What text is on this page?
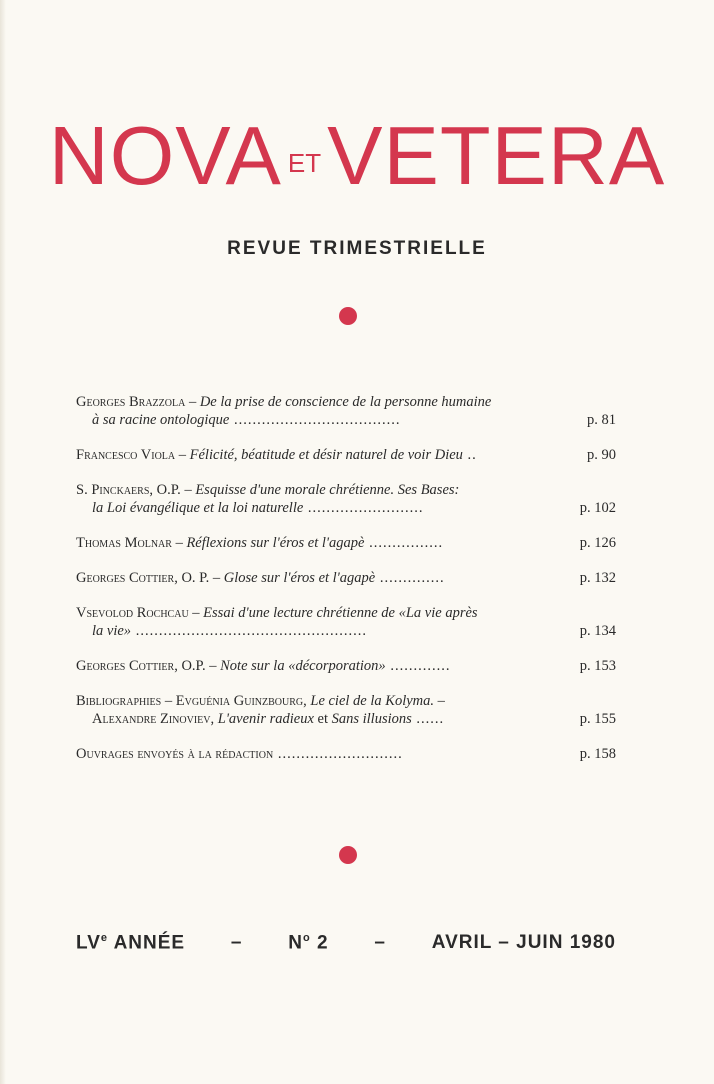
NOVA ETVETERA
REVUE TRIMESTRIELLE
Georges Brazzola – De la prise de conscience de la personne humaine
à sa racine ontologique ....................................	p. 81
Francesco Viola – Félicité, béatitude et désir naturel de voir Dieu ..	p. 90
S. Pinckaers, O.P. – Esquisse d'une morale chrétienne. Ses Bases:
la Loi évangélique et la loi naturelle .........................	p. 102
Thomas Molnar – Réflexions sur l'éros et l'agapè ................	p. 126
Georges Cottier, O. P. – Glose sur l'éros et l'agapè ..............	p. 132
Vsevolod Rochcau – Essai d'une lecture chrétienne de «La vie après
la vie» ..................................................	p. 134
Georges Cottier, O.P. – Note sur la «décorporation» .............	p. 153
Bibliographies – Evguénia Guinzbourg, Le ciel de la Kolyma. –
Alexandre Zinoviev, L'avenir radieux et Sans illusions ......	p. 155
Ouvrages envoyés à la rédaction ...........................	p. 158
LVe ANNÉE – $N^o$ 2 – AVRIL – JUIN 1980
